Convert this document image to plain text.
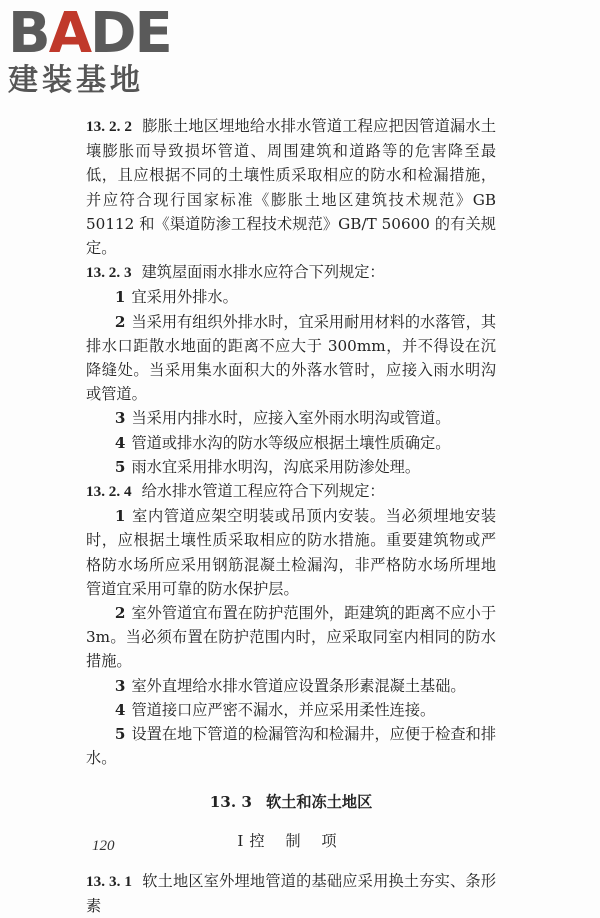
BADE
建装基地

13. 2. 2 膨胀土地区埋地给水排水管道工程应把因管道漏水土壤膨胀而导致损坏管道、周围建筑和道路等的危害降至最低，且应根据不同的土壤性质采取相应的防水和检漏措施，并应符合现行国家标准《膨胀土地区建筑技术规范》GB 50112 和《渠道防渗工程技术规范》GB/T 50600 的有关规定。

13. 2. 3 建筑屋面雨水排水应符合下列规定：

1 宜采用外排水。

2 当采用有组织外排水时，宜采用耐用材料的水落管，其排水口距散水地面的距离不应大于 300mm，并不得设在沉降缝处。当采用集水面积大的外落水管时，应接入雨水明沟或管道。

3 当采用内排水时，应接入室外雨水明沟或管道。

4 管道或排水沟的防水等级应根据土壤性质确定。

5 雨水宜采用排水明沟，沟底采用防渗处理。

13. 2. 4 给水排水管道工程应符合下列规定：

1 室内管道应架空明装或吊顶内安装。当必须埋地安装时，应根据土壤性质采取相应的防水措施。重要建筑物或严格防水场所应采用钢筋混凝土检漏沟，非严格防水场所埋地管道宜采用可靠的防水保护层。

2 室外管道宜布置在防护范围外，距建筑的距离不应小于3m。当必须布置在防护范围内时，应采取同室内相同的防水措施。

3 室外直埋给水排水管道应设置条形素混凝土基础。

4 管道接口应严密不漏水，并应采用柔性连接。

5 设置在地下管道的检漏管沟和检漏井，应便于检查和排水。

13. 3 软土和冻土地区
Ⅰ 控 制 项

13. 3. 1 软土地区室外埋地管道的基础应采用换土夯实、条形素

120
